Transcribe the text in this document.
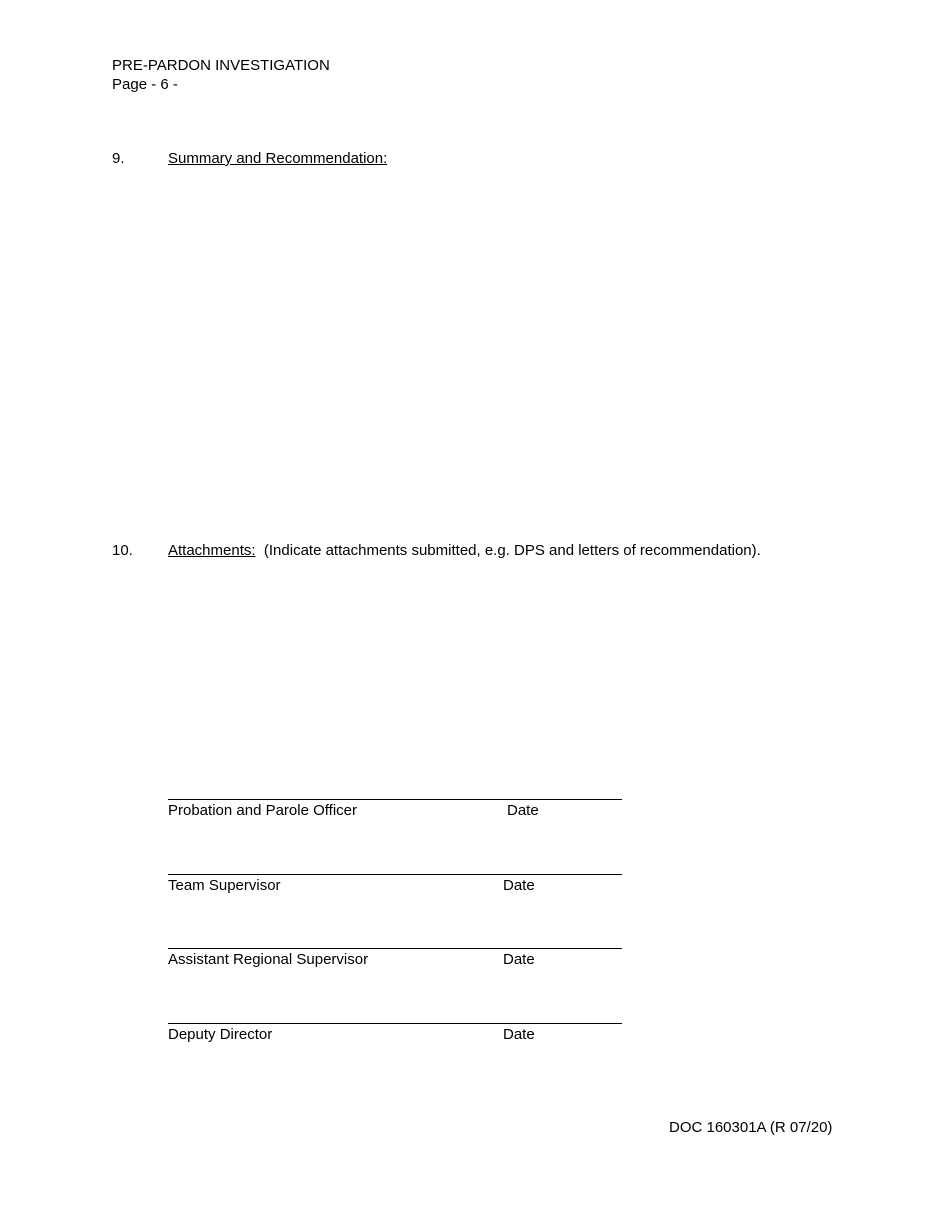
PRE-PARDON INVESTIGATION
Page - 6 -
9.	Summary and Recommendation:
10. Attachments: (Indicate attachments submitted, e.g. DPS and letters of recommendation).
Probation and Parole Officer	Date
Team Supervisor	Date
Assistant Regional Supervisor	Date
Deputy Director	Date
DOC 160301A (R 07/20)
